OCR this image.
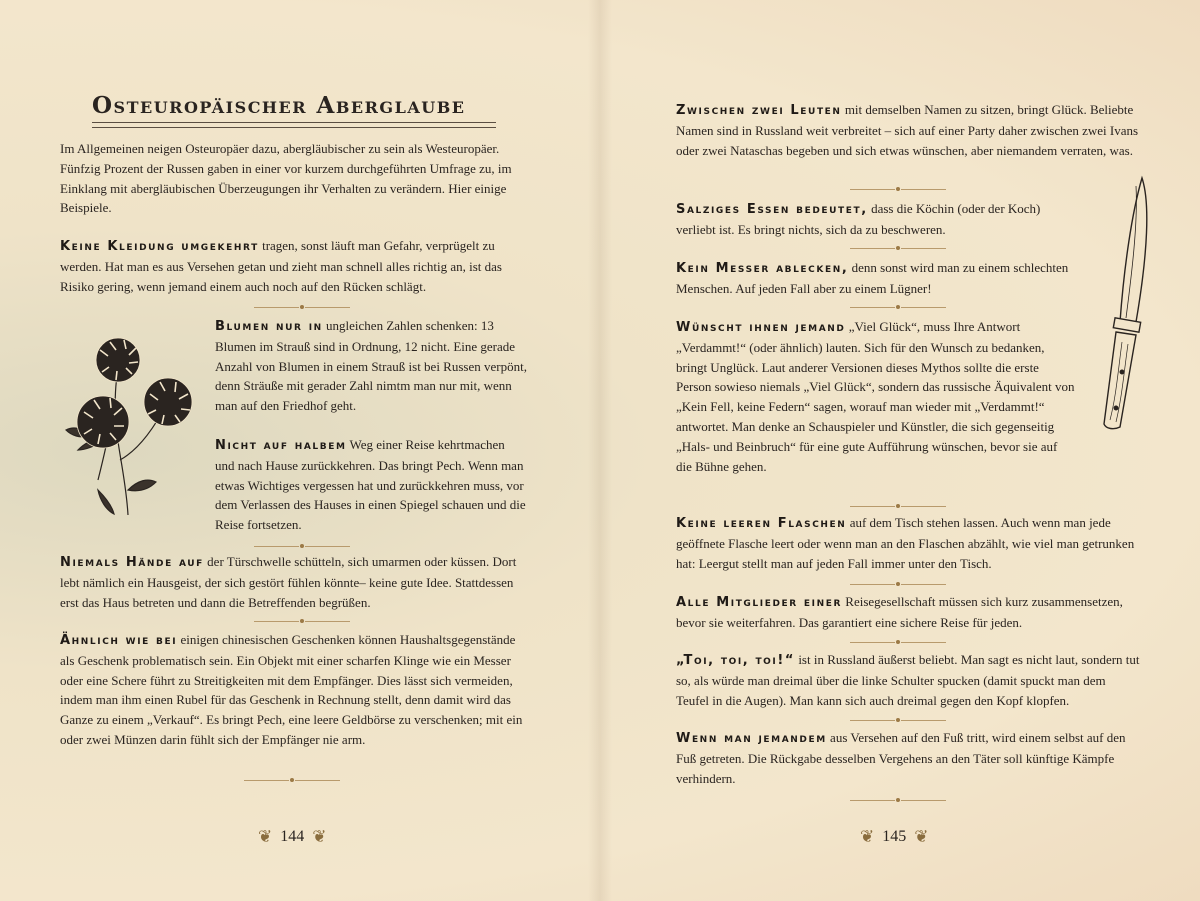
Osteuropäischer Aberglaube

Im Allgemeinen neigen Osteuropäer dazu, abergläubischer zu sein als Westeuropäer. Fünfzig Prozent der Russen gaben in einer vor kurzem durchgeführten Umfrage zu, im Einklang mit abergläubischen Überzeugungen ihr Verhalten zu verändern. Hier einige Beispiele.

Keine Kleidung umgekehrt tragen, sonst läuft man Gefahr, verprügelt zu werden. Hat man es aus Versehen getan und zieht man schnell alles richtig an, ist das Risiko gering, wenn jemand einem auch noch auf den Rücken schlägt.

Blumen nur in ungleichen Zahlen schenken: 13 Blumen im Strauß sind in Ordnung, 12 nicht. Eine gerade Anzahl von Blumen in einem Strauß ist bei Russen verpönt, denn Sträuße mit gerader Zahl nimtm man nur mit, wenn man auf den Friedhof geht.

Nicht auf halbem Weg einer Reise kehrtmachen und nach Hause zurückkehren. Das bringt Pech. Wenn man etwas Wichtiges vergessen hat und zurückkehren muss, vor dem Verlassen des Hauses in einen Spiegel schauen und die Reise fortsetzen.

Niemals Hände auf der Türschwelle schütteln, sich umarmen oder küssen. Dort lebt nämlich ein Hausgeist, der sich gestört fühlen könnte– keine gute Idee. Stattdessen erst das Haus betreten und dann die Betreffenden begrüßen.

Ähnlich wie bei einigen chinesischen Geschenken können Haushaltsgegenstände als Geschenk problematisch sein. Ein Objekt mit einer scharfen Klinge wie ein Messer oder eine Schere führt zu Streitigkeiten mit dem Empfänger. Dies lässt sich vermeiden, indem man ihm einen Rubel für das Geschenk in Rechnung stellt, denn damit wird das Ganze zu einem „Verkauf“. Es bringt Pech, eine leere Geldbörse zu verschenken; mit ein oder zwei Münzen darin fühlt sich der Empfänger nie arm.

❦ 144 ❦

Zwischen zwei Leuten mit demselben Namen zu sitzen, bringt Glück. Beliebte Namen sind in Russland weit verbreitet – sich auf einer Party daher zwischen zwei Ivans oder zwei Nataschas begeben und sich etwas wünschen, aber niemandem verraten, was.

Salziges Essen bedeutet, dass die Köchin (oder der Koch) verliebt ist. Es bringt nichts, sich da zu beschweren.

Kein Messer ablecken, denn sonst wird man zu einem schlechten Menschen. Auf jeden Fall aber zu einem Lügner!

Wünscht ihnen jemand „Viel Glück“, muss Ihre Antwort „Verdammt!“ (oder ähnlich) lauten. Sich für den Wunsch zu bedanken, bringt Unglück. Laut anderer Versionen dieses Mythos sollte die erste Person sowieso niemals „Viel Glück“, sondern das russische Äquivalent von „Kein Fell, keine Federn“ sagen, worauf man wieder mit „Verdammt!“ antwortet. Man denke an Schauspieler und Künstler, die sich gegenseitig „Hals- und Beinbruch“ für eine gute Aufführung wünschen, bevor sie auf die Bühne gehen.

Keine leeren Flaschen auf dem Tisch stehen lassen. Auch wenn man jede geöffnete Flasche leert oder wenn man an den Flaschen abzählt, wie viel man getrunken hat: Leergut stellt man auf jeden Fall immer unter den Tisch.

Alle Mitglieder einer Reisegesellschaft müssen sich kurz zusammensetzen, bevor sie weiterfahren. Das garantiert eine sichere Reise für jeden.

„Toi, toi, toi!“ ist in Russland äußerst beliebt. Man sagt es nicht laut, sondern tut so, als würde man dreimal über die linke Schulter spucken (damit spuckt man dem Teufel in die Augen). Man kann sich auch dreimal gegen den Kopf klopfen.

Wenn man jemandem aus Versehen auf den Fuß tritt, wird einem selbst auf den Fuß getreten. Die Rückgabe desselben Vergehens an den Täter soll künftige Kämpfe verhindern.

❦ 145 ❦
